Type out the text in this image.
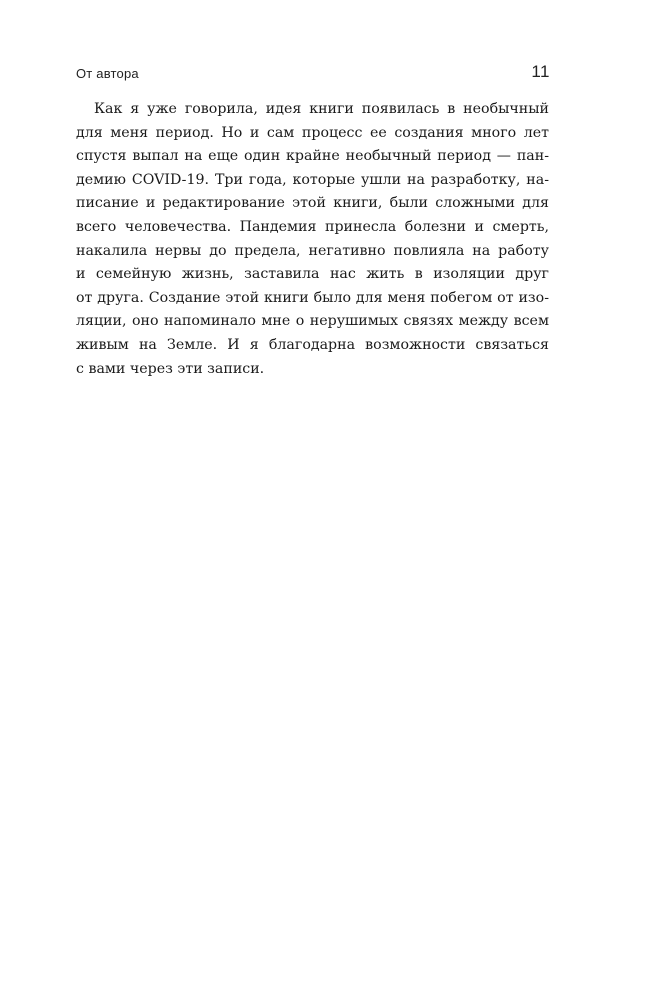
От автора	11
Как я уже говорила, идея книги появилась в необычный
для меня период. Но и сам процесс ее создания много лет
спустя выпал на еще один крайне необычный период — пан-
демию COVID-19. Три года, которые ушли на разработку, на-
писание и редактирование этой книги, были сложными для
всего человечества. Пандемия принесла болезни и смерть,
накалила нервы до предела, негативно повлияла на работу
и семейную жизнь, заставила нас жить в изоляции друг
от друга. Создание этой книги было для меня побегом от изо-
ляции, оно напоминало мне о нерушимых связях между всем
живым на Земле. И я благодарна возможности связаться
с вами через эти записи.
